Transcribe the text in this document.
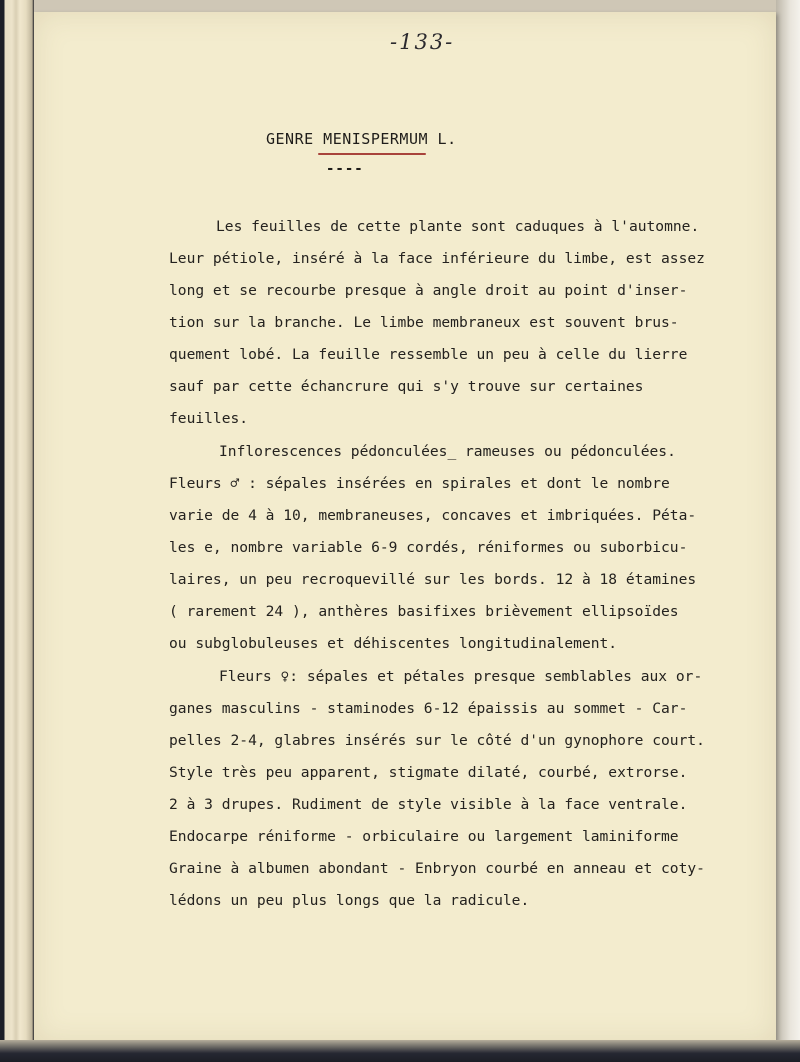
-133-
GENRE MENISPERMUM L.
----
Les feuilles de cette plante sont caduques à l'automne.
Leur pétiole, inséré à la face inférieure du limbe, est assez
long et se recourbe presque à angle droit au point d'inser-
tion sur la branche. Le limbe membraneux est souvent brus-
quement lobé. La feuille ressemble un peu à celle du lierre
sauf par cette échancrure qui s'y trouve sur certaines
feuilles.
Inflorescences pédonculées_ rameuses ou pédonculées.
Fleurs ♂ : sépales insérées en spirales et dont le nombre
varie de 4 à 10, membraneuses, concaves et imbriquées. Péta-
les e, nombre variable 6-9 cordés, réniformes ou suborbicu-
laires, un peu recroquevillé sur les bords. 12 à 18 étamines
( rarement 24 ), anthères basifixes brièvement ellipsoïdes
ou subglobuleuses et déhiscentes longitudinalement.
Fleurs ♀: sépales et pétales presque semblables aux or-
ganes masculins - staminodes 6-12 épaissis au sommet - Car-
pelles 2-4, glabres insérés sur le côté d'un gynophore court.
Style très peu apparent, stigmate dilaté, courbé, extrorse.
2 à 3 drupes. Rudiment de style visible à la face ventrale.
Endocarpe réniforme - orbiculaire ou largement laminiforme
Graine à albumen abondant - Enbryon courbé en anneau et coty-
lédons un peu plus longs que la radicule.
